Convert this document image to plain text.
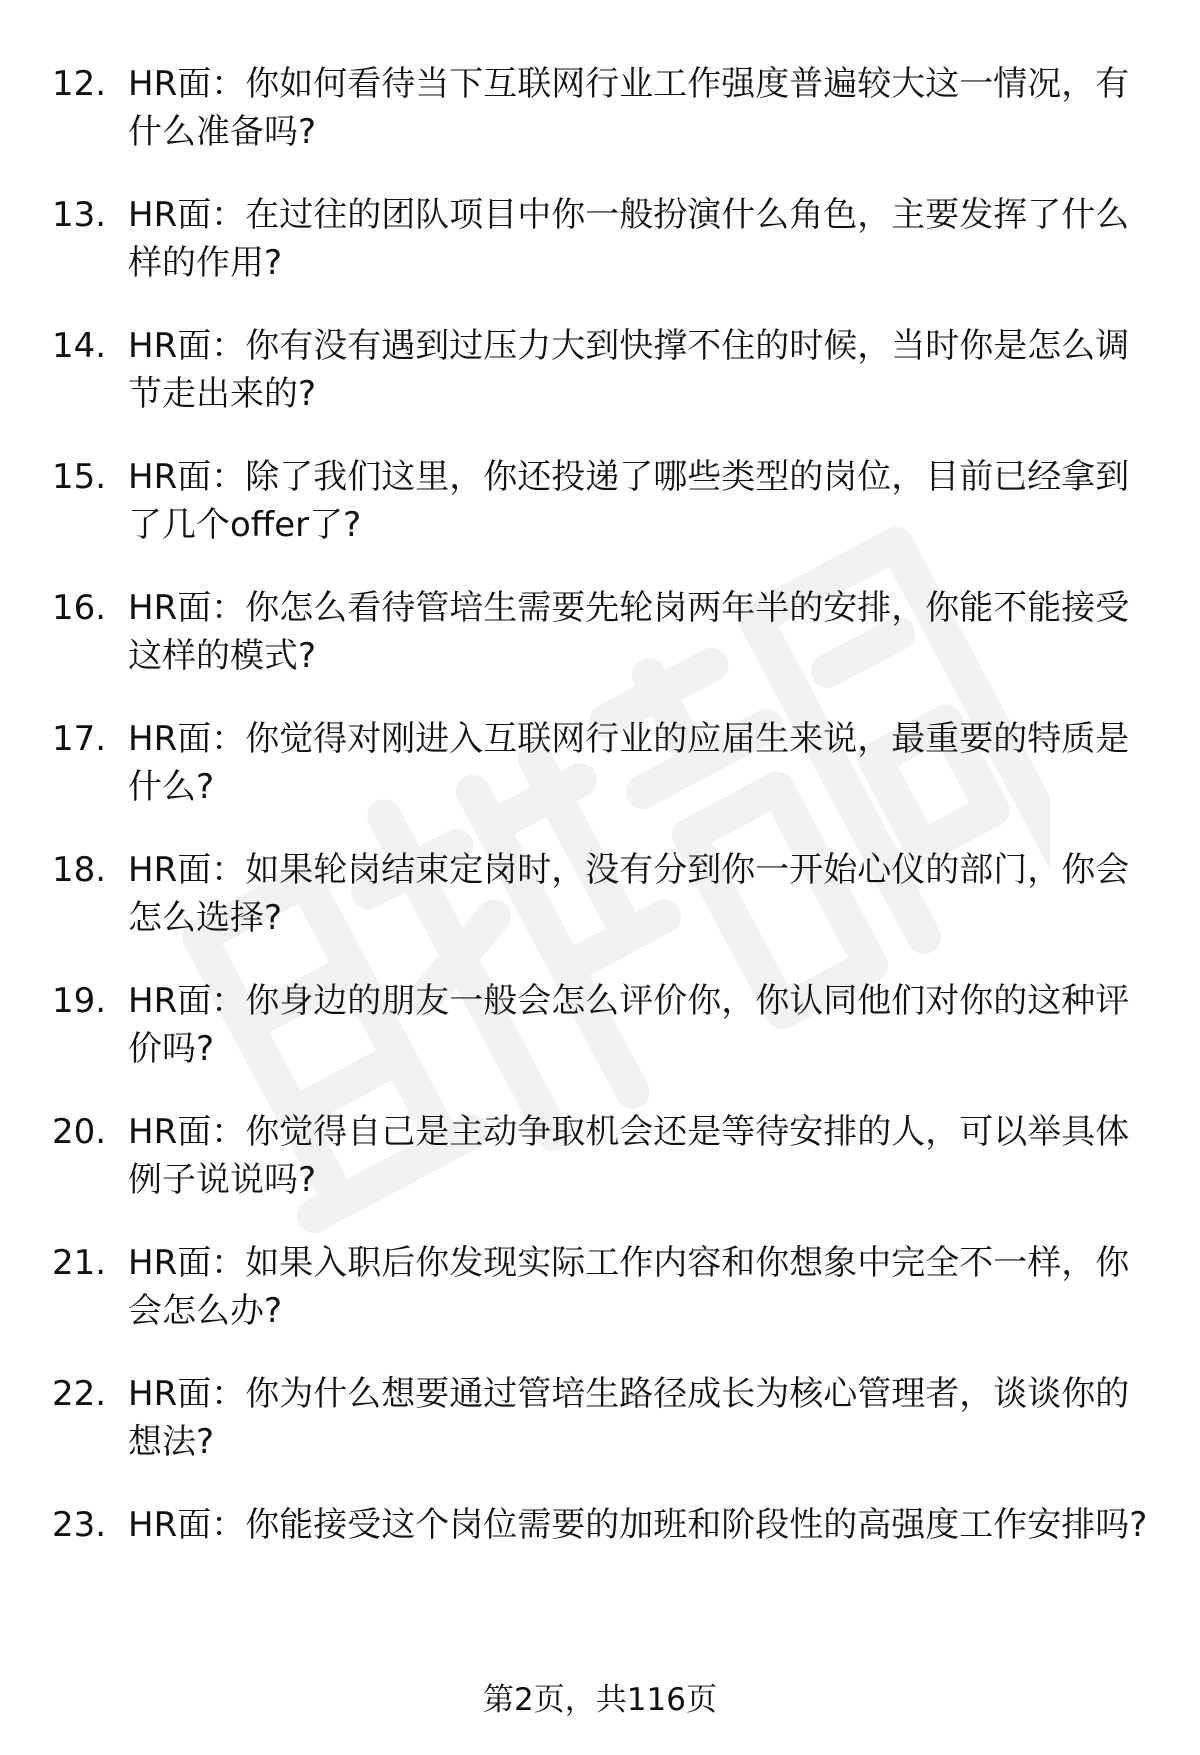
12. HR面：你如何看待当下互联网行业工作强度普遍较大这一情况，有什么准备吗?
13. HR面：在过往的团队项目中你一般扮演什么角色，主要发挥了什么样的作用?
14. HR面：你有没有遇到过压力大到快撑不住的时候，当时你是怎么调节走出来的?
15. HR面：除了我们这里，你还投递了哪些类型的岗位，目前已经拿到了几个offer了?
16. HR面：你怎么看待管培生需要先轮岗两年半的安排，你能不能接受这样的模式?
17. HR面：你觉得对刚进入互联网行业的应届生来说，最重要的特质是什么?
18. HR面：如果轮岗结束定岗时，没有分到你一开始心仪的部门，你会怎么选择?
19. HR面：你身边的朋友一般会怎么评价你，你认同他们对你的这种评价吗?
20. HR面：你觉得自己是主动争取机会还是等待安排的人，可以举具体例子说说吗?
21. HR面：如果入职后你发现实际工作内容和你想象中完全不一样，你会怎么办?
22. HR面：你为什么想要通过管培生路径成长为核心管理者，谈谈你的想法?
23. HR面：你能接受这个岗位需要的加班和阶段性的高强度工作安排吗?
第2页，共116页
